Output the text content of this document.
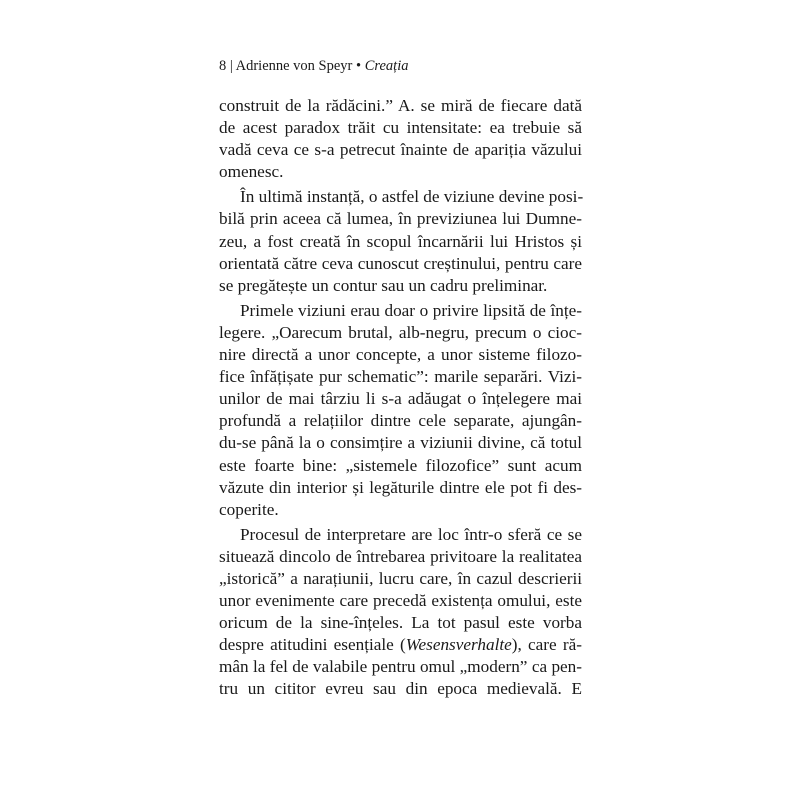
8 | Adrienne von Speyr • Creația
construit de la rădăcini.” A. se miră de fiecare dată
de acest paradox trăit cu intensitate: ea trebuie să
vadă ceva ce s-a petrecut înainte de apariția văzului
omenesc.
În ultimă instanță, o astfel de viziune devine posi-
bilă prin aceea că lumea, în previziunea lui Dumne-
zeu, a fost creată în scopul încarnării lui Hristos și
orientată către ceva cunoscut creștinului, pentru care
se pregătește un contur sau un cadru preliminar.
Primele viziuni erau doar o privire lipsită de înțe-
legere. „Oarecum brutal, alb-negru, precum o cioc-
nire directă a unor concepte, a unor sisteme filozo-
fice înfățișate pur schematic”: marile separări. Vizi-
unilor de mai târziu li s-a adăugat o înțelegere mai
profundă a relațiilor dintre cele separate, ajungân-
du-se până la o consimțire a viziunii divine, că totul
este foarte bine: „sistemele filozofice” sunt acum
văzute din interior și legăturile dintre ele pot fi des-
coperite.
Procesul de interpretare are loc într-o sferă ce se
situează dincolo de întrebarea privitoare la realitatea
„istorică” a narațiunii, lucru care, în cazul descrierii
unor evenimente care precedă existența omului, este
oricum de la sine-înțeles. La tot pasul este vorba
despre atitudini esențiale (Wesensverhalte), care ră-
mân la fel de valabile pentru omul „modern” ca pen-
tru un cititor evreu sau din epoca medievală. E
